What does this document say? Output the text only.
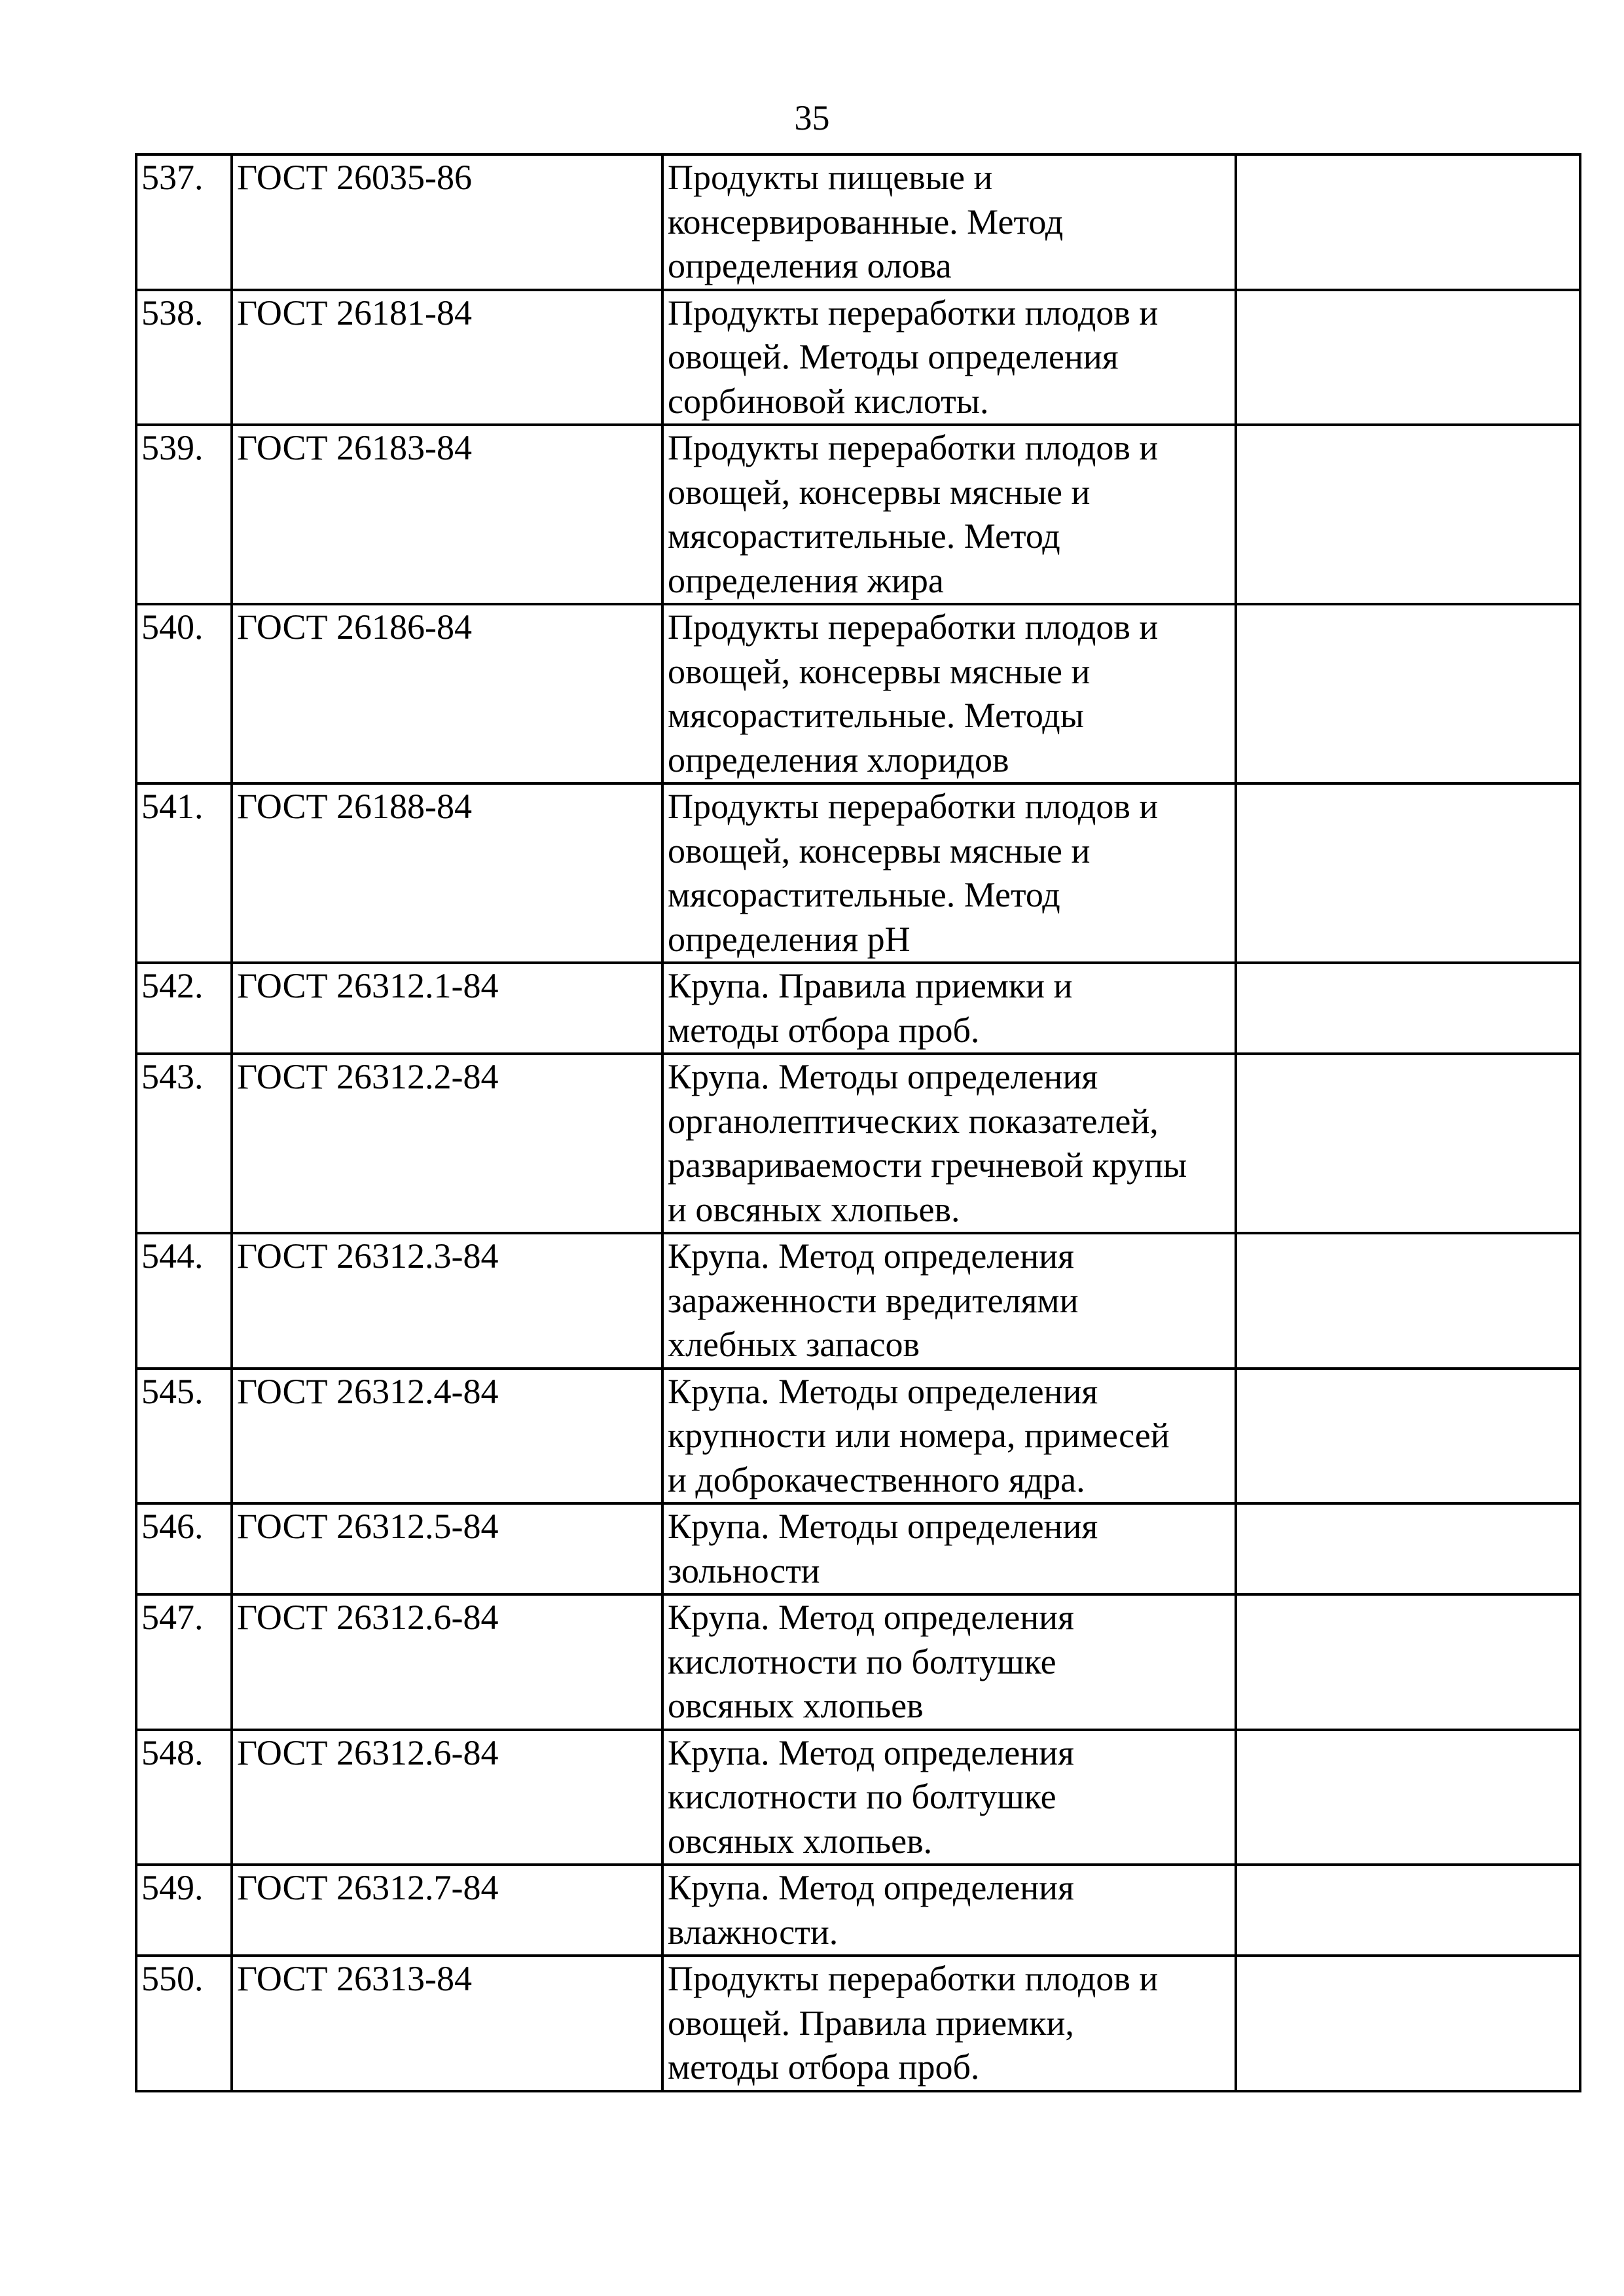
35
537.	ГОСТ 26035-86	Продукты пищевые и
консервированные. Метод
определения олова	

538.	ГОСТ 26181-84	Продукты переработки плодов и
овощей. Методы определения
сорбиновой кислоты.	

539.	ГОСТ 26183-84	Продукты переработки плодов и
овощей, консервы мясные и
мясорастительные. Метод
определения жира	

540.	ГОСТ 26186-84	Продукты переработки плодов и
овощей, консервы мясные и
мясорастительные. Методы
определения хлоридов	

541.	ГОСТ 26188-84	Продукты переработки плодов и
овощей, консервы мясные и
мясорастительные. Метод
определения pH	

542.	ГОСТ 26312.1-84	Крупа. Правила приемки и
методы отбора проб.	

543.	ГОСТ 26312.2-84	Крупа. Методы определения
органолептических показателей,
развариваемости гречневой крупы
и овсяных хлопьев.	

544.	ГОСТ 26312.3-84	Крупа. Метод определения
зараженности вредителями
хлебных запасов	

545.	ГОСТ 26312.4-84	Крупа. Методы определения
крупности или номера, примесей
и доброкачественного ядра.	

546.	ГОСТ 26312.5-84	Крупа. Методы определения
зольности	

547.	ГОСТ 26312.6-84	Крупа. Метод определения
кислотности по болтушке
овсяных хлопьев	

548.	ГОСТ 26312.6-84	Крупа. Метод определения
кислотности по болтушке
овсяных хлопьев.	

549.	ГОСТ 26312.7-84	Крупа. Метод определения
влажности.	

550.	ГОСТ 26313-84	Продукты переработки плодов и
овощей. Правила приемки,
методы отбора проб.	
